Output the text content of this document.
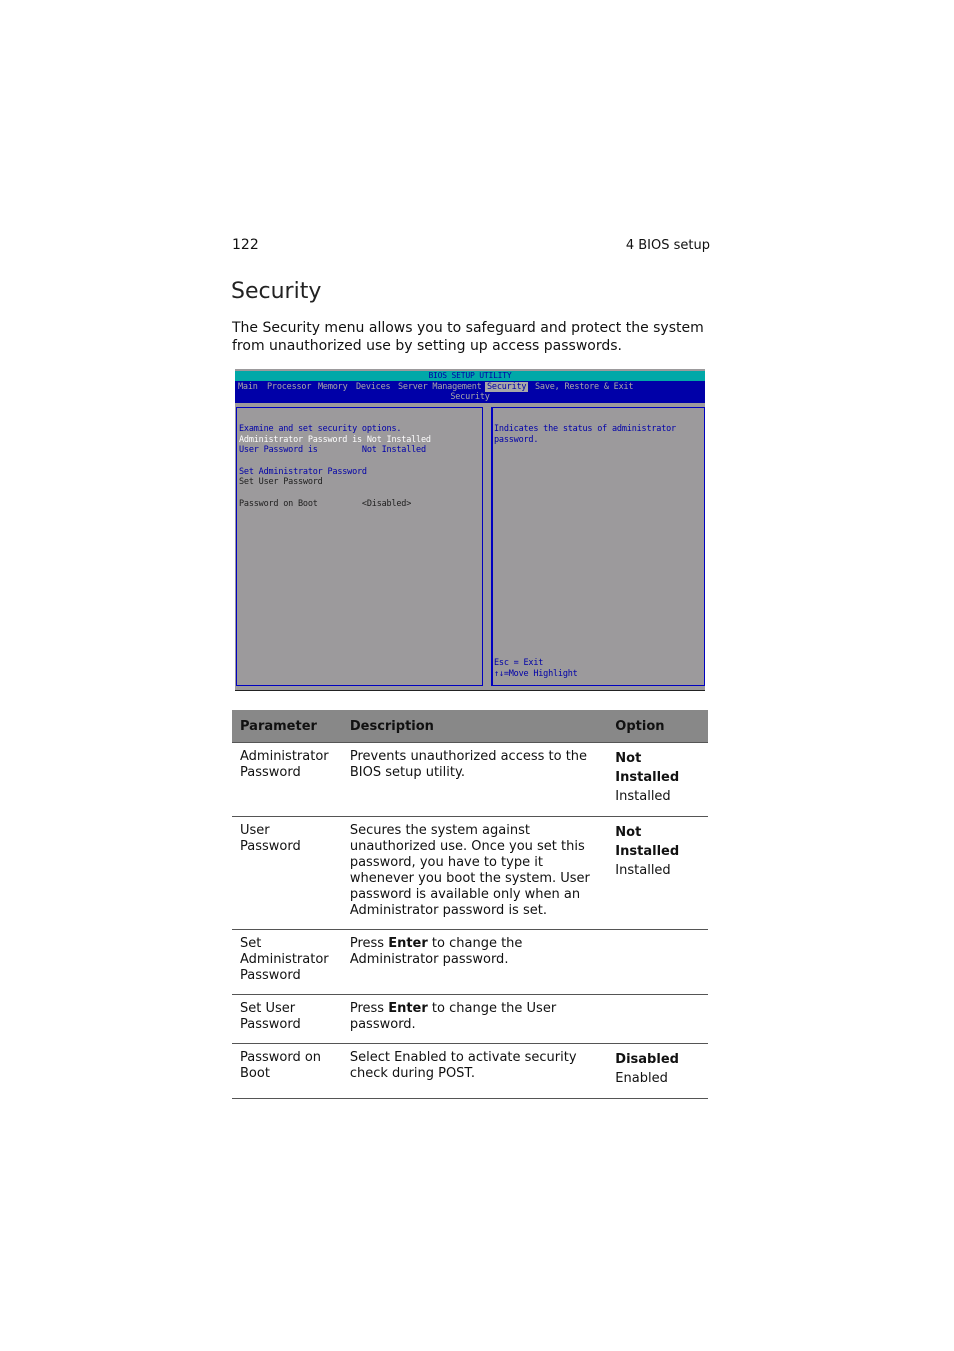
122	4 BIOS setup
Security

The Security menu allows you to safeguard and protect the system from unauthorized use by setting up access passwords.

BIOS SETUP UTILITY
Main Processor Memory Devices Server Management Security Save, Restore & Exit
Security
Examine and set security options.
Administrator Password is Not Installed
User Password is         Not Installed
Set Administrator Password
Set User Password
Password on Boot         <Disabled>
Indicates the status of administrator
password.
Esc = Exit
↑↓=Move Highlight
Parameter	Description	Option
Administrator Password	Prevents unauthorized access to the BIOS setup utility.	Not Installed
Installed

User Password	Secures the system against unauthorized use. Once you set this password, you have to type it whenever you boot the system. User password is available only when an Administrator password is set.	Not Installed
Installed

Set Administrator Password	Press Enter to change the Administrator password.	
Set User Password	Press Enter to change the User password.	
Password on Boot	Select Enabled to activate security check during POST.	Disabled
Enabled
